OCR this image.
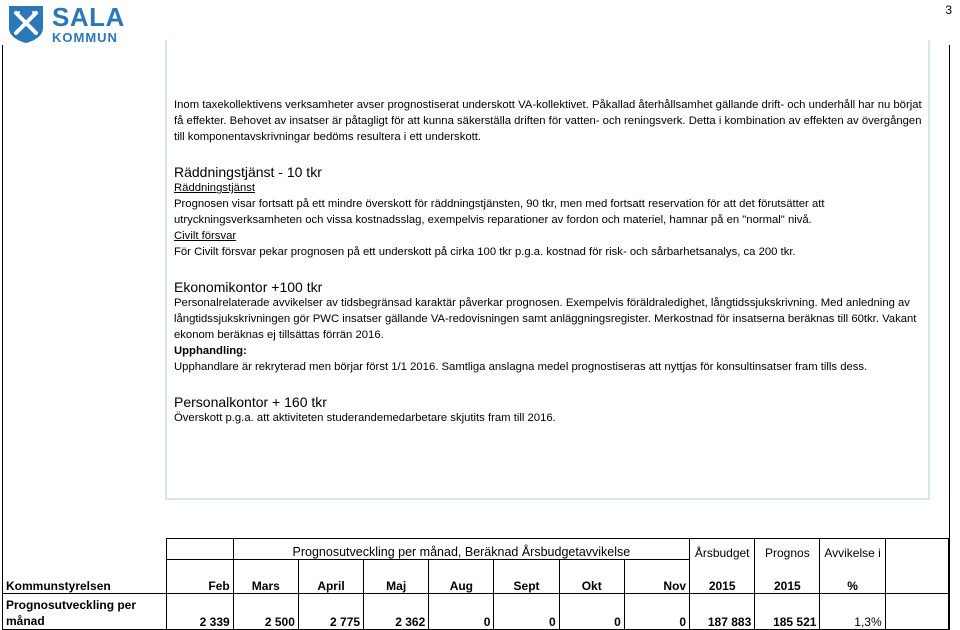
3
SALA
KOMMUN

Inom taxekollektivens verksamheter avser prognostiserat underskott VA-kollektivet. Påkallad återhållsamhet gällande drift- och underhåll har nu börjat få effekter. Behovet av insatser är påtagligt för att kunna säkerställa driften för vatten- och reningsverk. Detta i kombination av effekten av övergången till komponentavskrivningar bedöms resultera i ett underskott.

Räddningstjänst - 10 tkr

Räddningstjänst

Prognosen visar fortsatt på ett mindre överskott för räddningstjänsten, 90 tkr, men med fortsatt reservation för att det förutsätter att utryckningsverksamheten och vissa kostnadsslag, exempelvis reparationer av fordon och materiel, hamnar på en "normal" nivå.

Civilt försvar

För Civilt försvar pekar prognosen på ett underskott på cirka 100 tkr p.g.a. kostnad för risk- och sårbarhetsanalys, ca 200 tkr.

Ekonomikontor +100 tkr

Personalrelaterade avvikelser av tidsbegränsad karaktär påverkar prognosen. Exempelvis föräldraledighet, långtidssjukskrivning. Med anledning av långtidssjukskrivningen gör PWC insatser gällande VA-redovisningen samt anläggningsregister. Merkostnad för insatserna beräknas till 60tkr. Vakant ekonom beräknas ej tillsättas förrän 2016.

Upphandling:

Upphandlare är rekryterad men börjar först 1/1 2016. Samtliga anslagna medel prognostiseras att nyttjas för konsultinsatser fram tills dess.

Personalkontor + 160 tkr

Överskott p.g.a. att aktiviteten studerandemedarbetare skjutits fram till 2016.

		Prognosutveckling per månad, Beräknad Årsbudgetavvikelse							Årsbudget	Prognos	Avvikelse i	
Kommunstyrelsen	Feb	Mars	April	Maj	Aug	Sept	Okt	Nov	2015	2015	%	
Prognosutveckling per
månad	2 339	2 500	2 775	2 362	0	0	0	0	187 883	185 521	1,3%	
